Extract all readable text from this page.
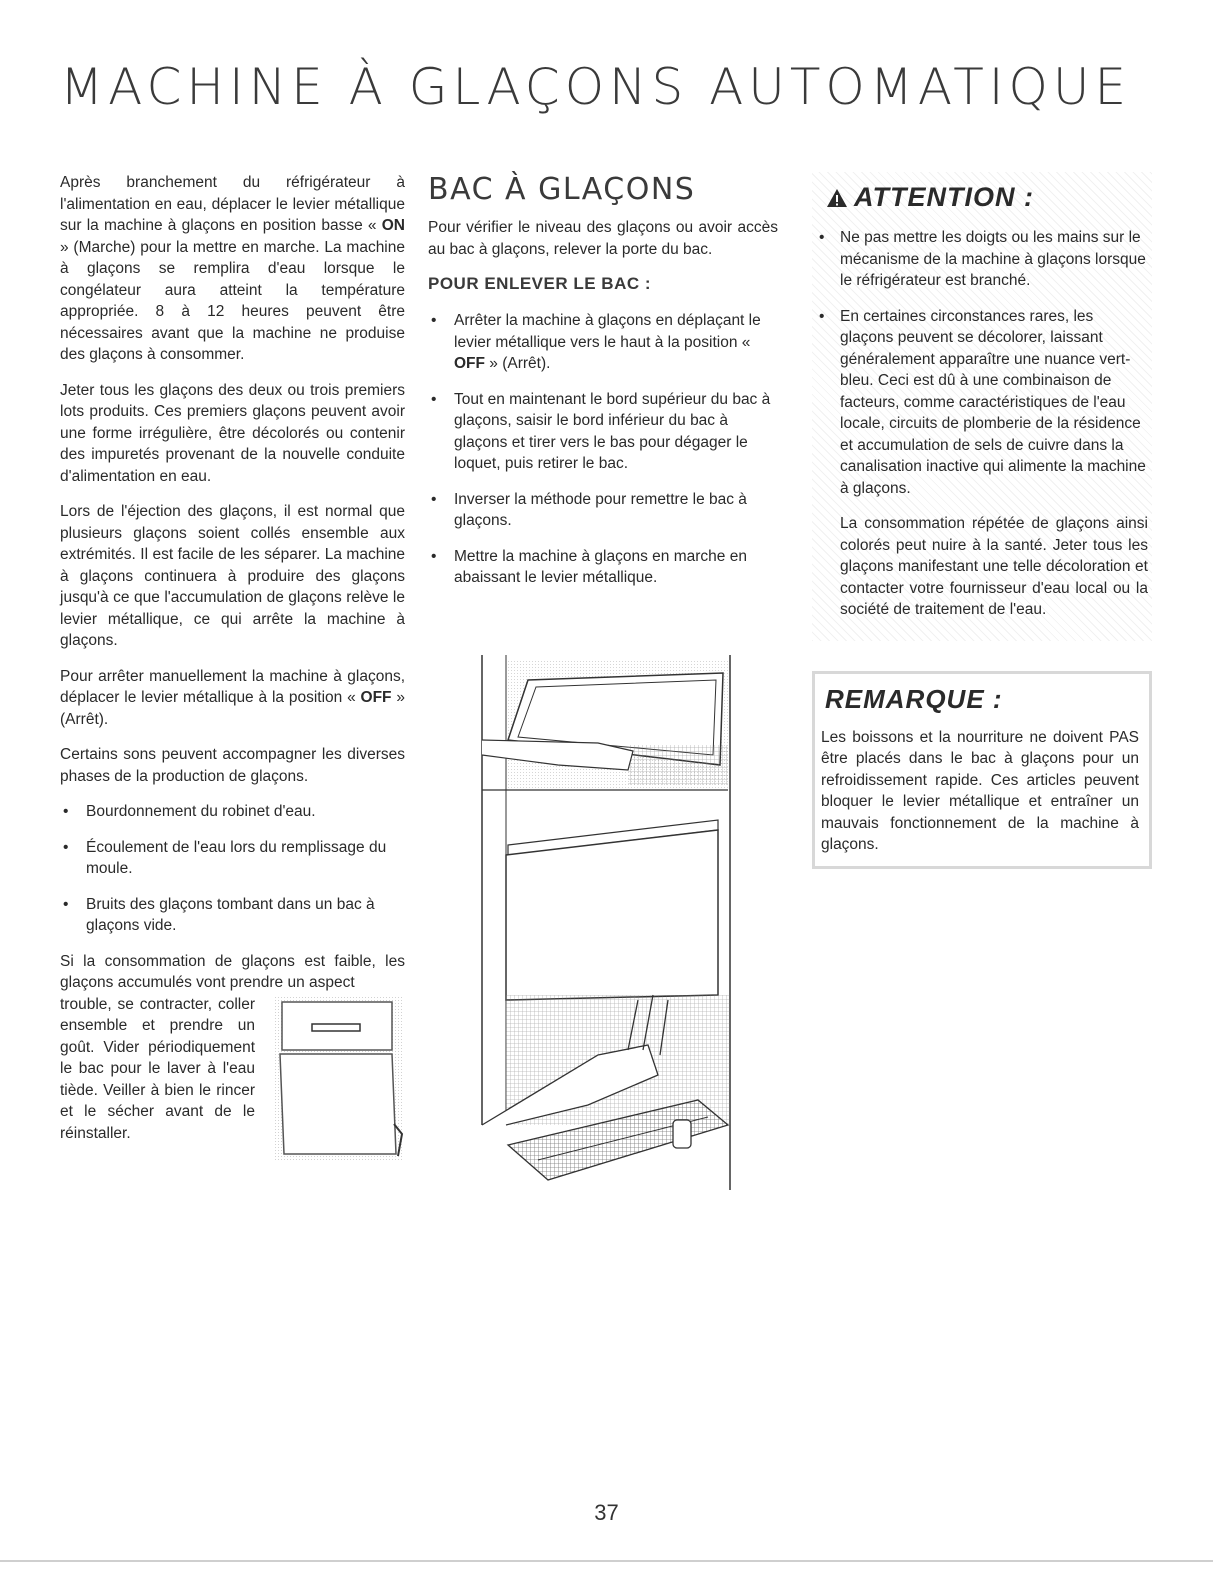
MACHINE À GLAÇONS AUTOMATIQUE

Après branchement du réfrigérateur à l'alimentation en eau, déplacer le levier métallique sur la machine à glaçons en position basse « ON » (Marche) pour la mettre en marche. La machine à glaçons se remplira d'eau lorsque le congélateur aura atteint la température appropriée. 8 à 12 heures peuvent être nécessaires avant que la machine ne produise des glaçons à consommer.

Jeter tous les glaçons des deux ou trois premiers lots produits. Ces premiers glaçons peuvent avoir une forme irrégulière, être décolorés ou contenir des impuretés provenant de la nouvelle conduite d'alimentation en eau.

Lors de l'éjection des glaçons, il est normal que plusieurs glaçons soient collés ensemble aux extrémités. Il est facile de les séparer. La machine à glaçons continuera à produire des glaçons jusqu'à ce que l'accumulation de glaçons relève le levier métallique, ce qui arrête la machine à glaçons.

Pour arrêter manuellement la machine à glaçons, déplacer le levier métallique à la position « OFF » (Arrêt).

Certains sons peuvent accompagner les diverses phases de la production de glaçons.

• Bourdonnement du robinet d'eau.
• Écoulement de l'eau lors du remplissage du moule.
• Bruits des glaçons tombant dans un bac à glaçons vide.

Si la consommation de glaçons est faible, les glaçons accumulés vont prendre un aspect

trouble, se contracter, coller ensemble et prendre un goût. Vider périodiquement le bac pour le laver à l'eau tiède. Veiller à bien le rincer et le sécher avant de le réinstaller.

BAC À GLAÇONS

Pour vérifier le niveau des glaçons ou avoir accès au bac à glaçons, relever la porte du bac.

POUR ENLEVER LE BAC :
• Arrêter la machine à glaçons en déplaçant le levier métallique vers le haut à la position « OFF » (Arrêt).
• Tout en maintenant le bord supérieur du bac à glaçons, saisir le bord inférieur du bac à glaçons et tirer vers le bas pour dégager le loquet, puis retirer le bac.
• Inverser la méthode pour remettre le bac à glaçons.
• Mettre la machine à glaçons en marche en abaissant le levier métallique.
ATTENTION :
• Ne pas mettre les doigts ou les mains sur le mécanisme de la machine à glaçons lorsque le réfrigérateur est branché.
• En certaines circonstances rares, les glaçons peuvent se décolorer, laissant généralement apparaître une nuance vert-bleu. Ceci est dû à une combinaison de facteurs, comme caractéristiques de l'eau locale, circuits de plomberie de la résidence et accumulation de sels de cuivre dans la canalisation inactive qui alimente la machine à glaçons.

La consommation répétée de glaçons ainsi colorés peut nuire à la santé. Jeter tous les glaçons manifestant une telle décoloration et contacter votre fournisseur d'eau local ou la société de traitement de l'eau.

REMARQUE :

Les boissons et la nourriture ne doivent PAS être placés dans le bac à glaçons pour un refroidissement rapide. Ces articles peuvent bloquer le levier métallique et entraîner un mauvais fonctionnement de la machine à glaçons.

37
